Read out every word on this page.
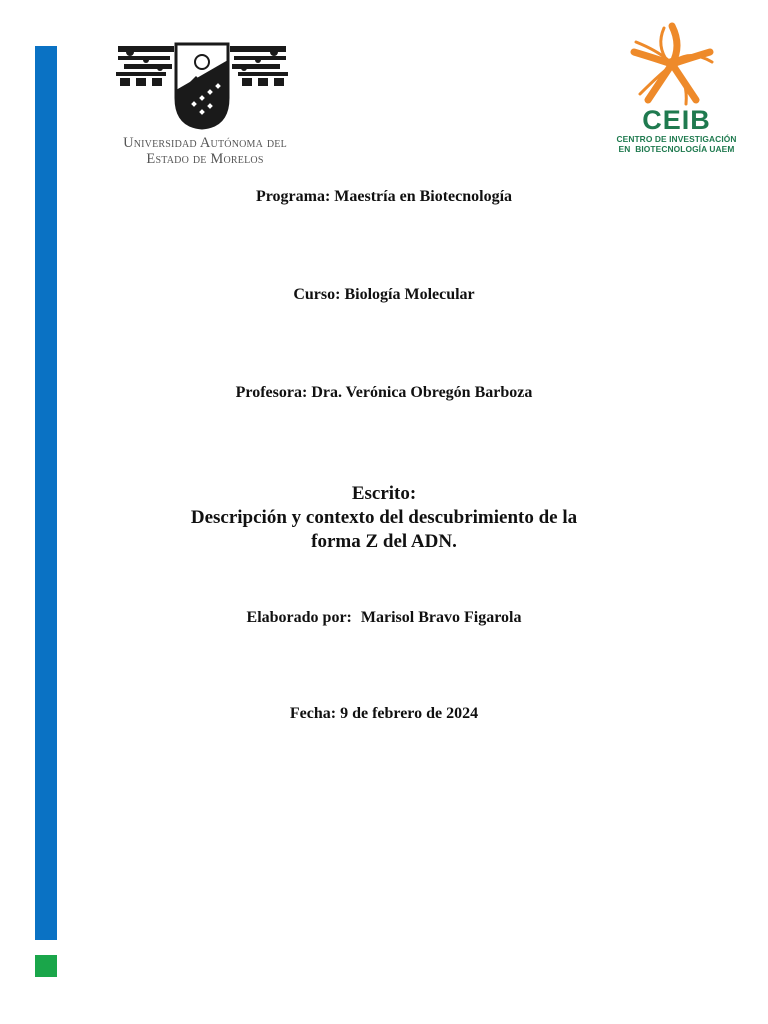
Universidad Autónoma del
Estado de Morelos
CEIB
CENTRO DE INVESTIGACIÓN
EN  BIOTECNOLOGÍA UAEM
Programa: Maestría en Biotecnología
Curso: Biología Molecular
Profesora: Dra. Verónica Obregón Barboza
Escrito:
Descripción y contexto del descubrimiento de la
forma Z del ADN.
Elaborado por: Marisol Bravo Figarola
Fecha: 9 de febrero de 2024
